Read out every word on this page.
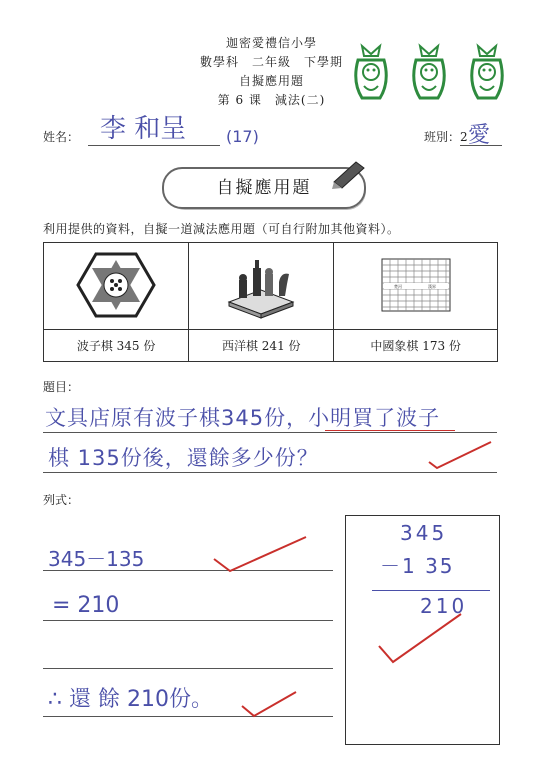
迦密愛禮信小學
數學科　二年級　下學期
自擬應用題
第 6 课　減法(二)
姓名： 李 和呈 (17)	班別：2 愛
自擬應用題
利用提供的資料，自擬一道減法應用題（可自行附加其他資料）。

楚河 漢界

波子棋 345 份	西洋棋 241 份	中國象棋 173 份
題目：
文具店原有波子棋345份，小明買了波子
棋 135份後，還餘多少份？
列式：
345－135
= 210
∴ 還 餘 210份。
345
－1 35
210
